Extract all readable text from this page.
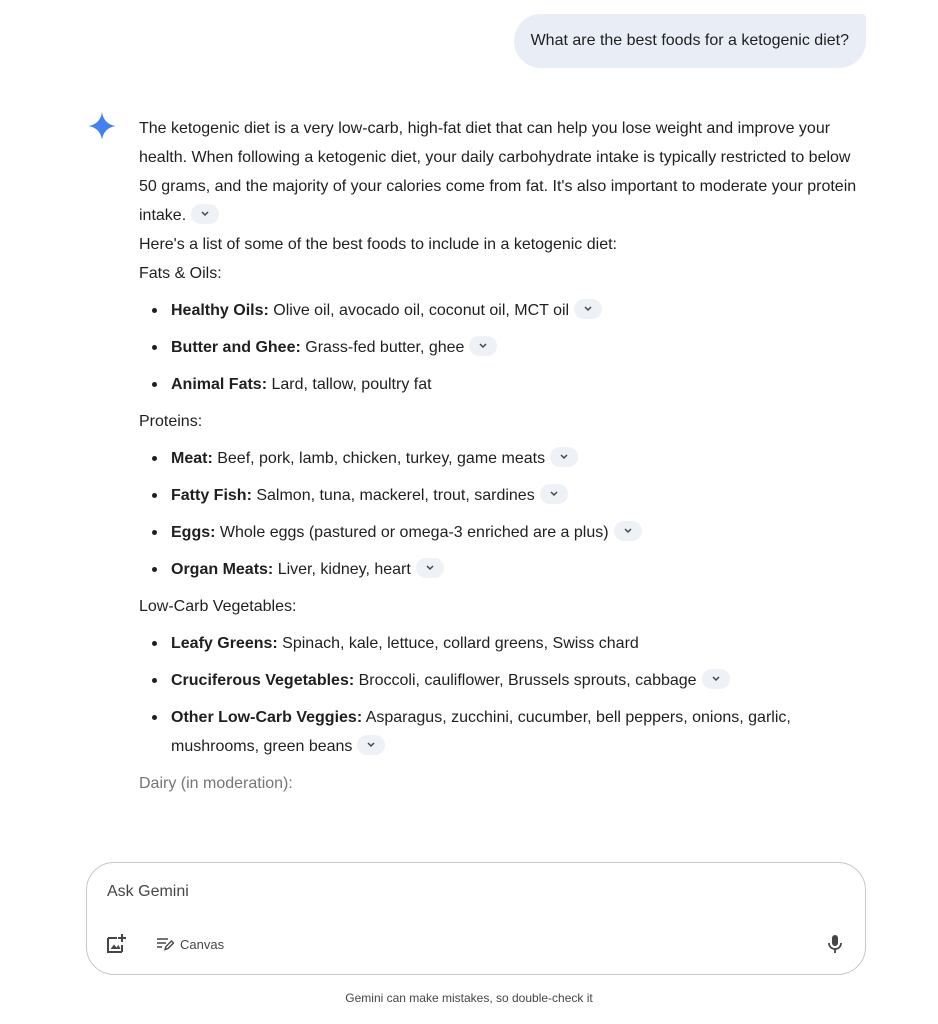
What are the best foods for a ketogenic diet?

The ketogenic diet is a very low-carb, high-fat diet that can help you lose weight and improve your health. When following a ketogenic diet, your daily carbohydrate intake is typically restricted to below 50 grams, and the majority of your calories come from fat. It's also important to moderate your protein intake.

Here's a list of some of the best foods to include in a ketogenic diet:

Fats & Oils:
Healthy Oils: Olive oil, avocado oil, coconut oil, MCT oil
Butter and Ghee: Grass-fed butter, ghee
Animal Fats: Lard, tallow, poultry fat
Proteins:
Meat: Beef, pork, lamb, chicken, turkey, game meats
Fatty Fish: Salmon, tuna, mackerel, trout, sardines
Eggs: Whole eggs (pastured or omega-3 enriched are a plus)
Organ Meats: Liver, kidney, heart
Low-Carb Vegetables:
Leafy Greens: Spinach, kale, lettuce, collard greens, Swiss chard
Cruciferous Vegetables: Broccoli, cauliflower, Brussels sprouts, cabbage
Other Low-Carb Veggies: Asparagus, zucchini, cucumber, bell peppers, onions, garlic, mushrooms, green beans
Dairy (in moderation):
Ask Gemini
Canvas
Gemini can make mistakes, so double-check it
